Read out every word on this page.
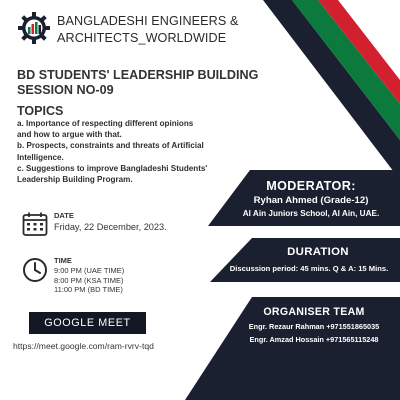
BANGLADESHI ENGINEERS &
ARCHITECTS_WORLDWIDE
BD STUDENTS' LEADERSHIP BUILDING
SESSION NO-09
TOPICS

a. Importance of respecting different opinions
and how to argue with that.

b. Prospects, constraints and threats of Artificial
Intelligence.

c. Suggestions to improve Bangladeshi Students'
Leadership Building Program.

DATE
Friday, 22 December, 2023.
TIME
9:00 PM (UAE TIME)
8:00 PM (KSA TIME)
11:00 PM (BD TIME)
GOOGLE MEET
https://meet.google.com/ram-rvrv-tqd
MODERATOR:
Ryhan Ahmed (Grade-12)
Al Ain Juniors School, Al Ain, UAE.
DURATION
Discussion period: 45 mins. Q & A: 15 Mins.
ORGANISER TEAM
Engr. Rezaur Rahman +971551865035
Engr. Amzad Hossain +971565115248
